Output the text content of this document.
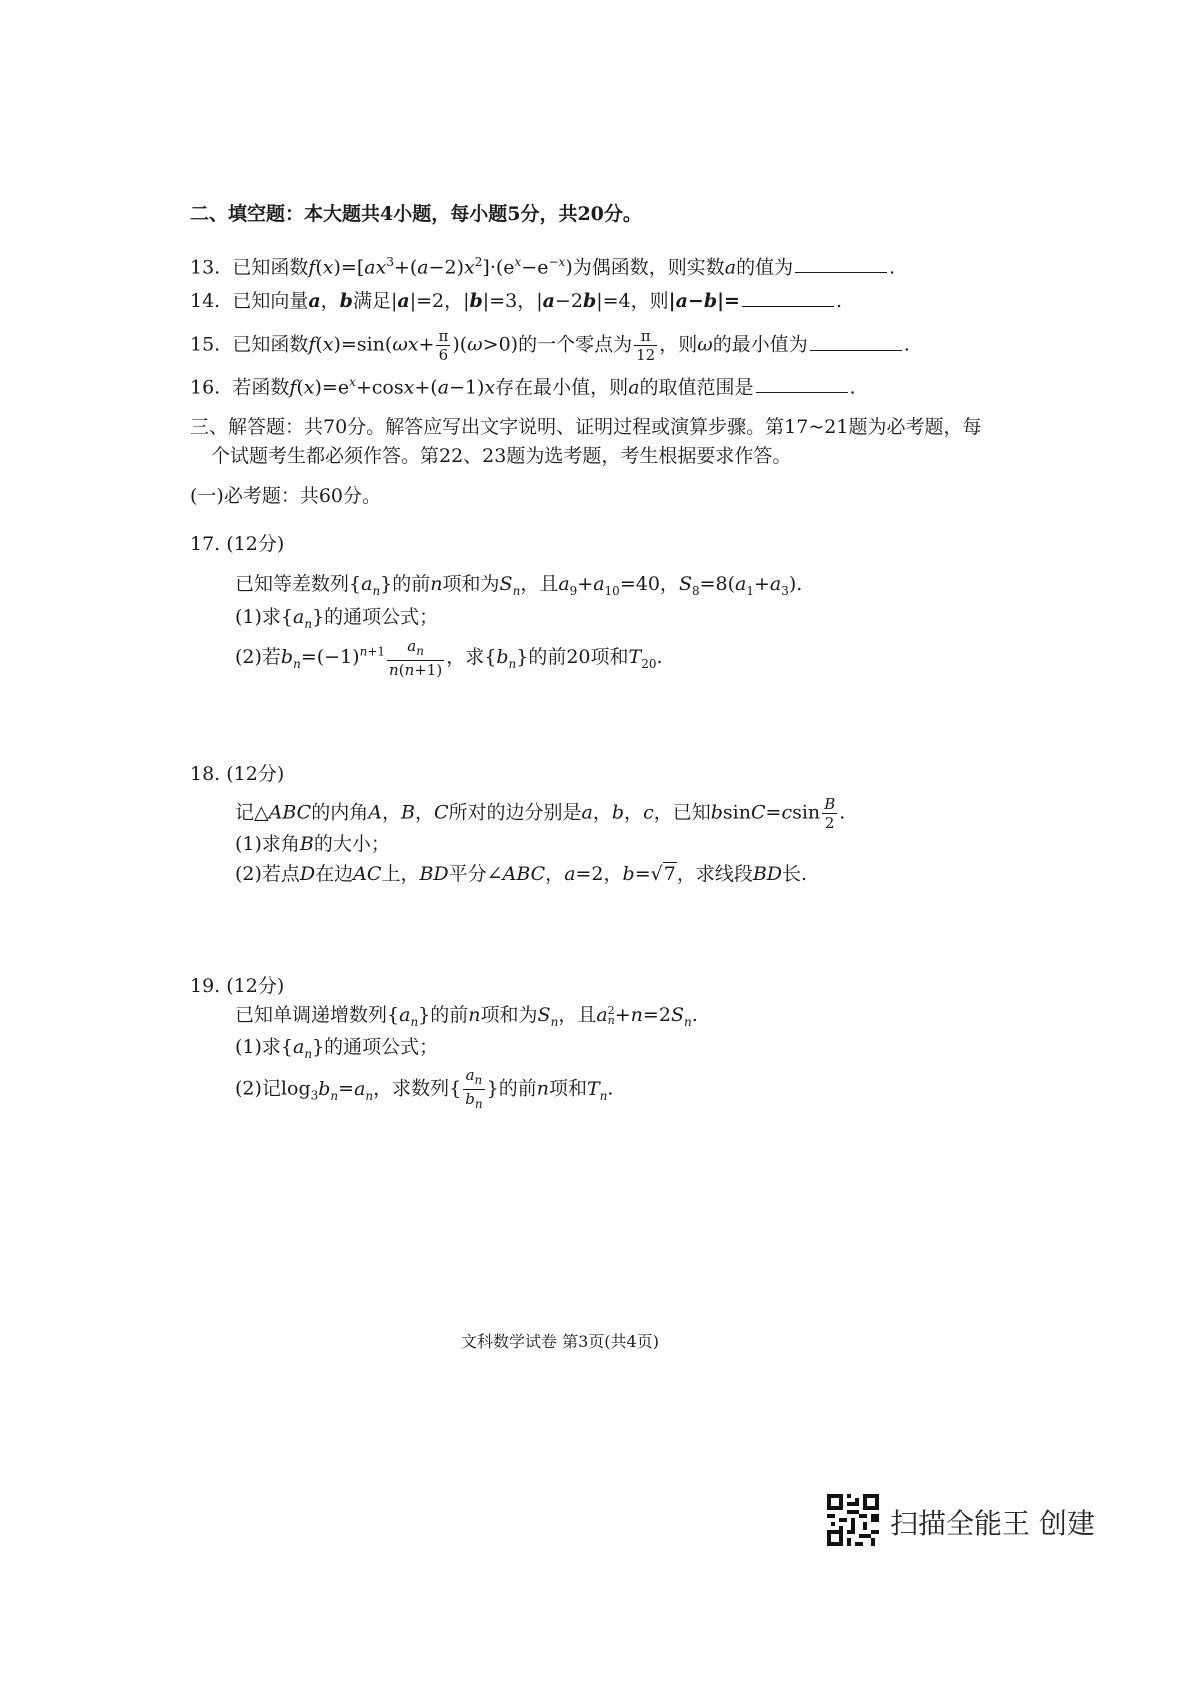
二、填空题：本大题共4小题，每小题5分，共20分。
13. 已知函数$f(x)=[ax^3+(a-2)x^2]\cdot(e^x-e^{-x})$为偶函数，则实数a的值为	.
14. 已知向量a，b满足|a|=2，|b|=3，|a−2b|=4，则|a−b|=	.
15. 已知函数$f(x)=\sin(\omega x+ \frac{\pi}{6} )(\omega>0)$的一个零点为 $\frac{\pi}{12}$ ，则ω的最小值为	.
16. 若函数$f(x)=e^x+\cos x+(a-1)x$存在最小值，则a的取值范围是	.
三、解答题：共70分。解答应写出文字说明、证明过程或演算步骤。第17~21题为必考题，每
个试题考生都必须作答。第22、23题为选考题，考生根据要求作答。
(一)必考题：共60分。
17. (12分)
已知等差数列$\{a_n\}$的前n项和为$S_n$，且$a_9+a_{10}=40$，$S_8=8(a_1+a_3)$.
(1)求$\{a_n\}$的通项公式；
(2)若$b_n=(-1)^{n+1} \frac{a_n}{n(n+1)}$ ，求$\{b_n\}$的前20项和$T_{20}$.
18. (12分)
记△ABC的内角A，B，C所对的边分别是a，b，c，已知$bsinC=csin \frac{B}{2}$ .
(1)求角B的大小；
(2)若点D在边AC上，BD平分∠ABC，a=2，b=√7，求线段BD长.
19. (12分)
已知单调递增数列$\{a_n\}$的前n项和为$S_n$，且a 2
$n +n=2S_n$.
(1)求$\{a_n\}$的通项公式；
(2)记$\log_3b_n=a_n$，求数列{ $\frac{a_n}{b_n}$ }的前n项和$T_n$.
文科数学试卷 第3页(共4页)
扫描全能王 创建
